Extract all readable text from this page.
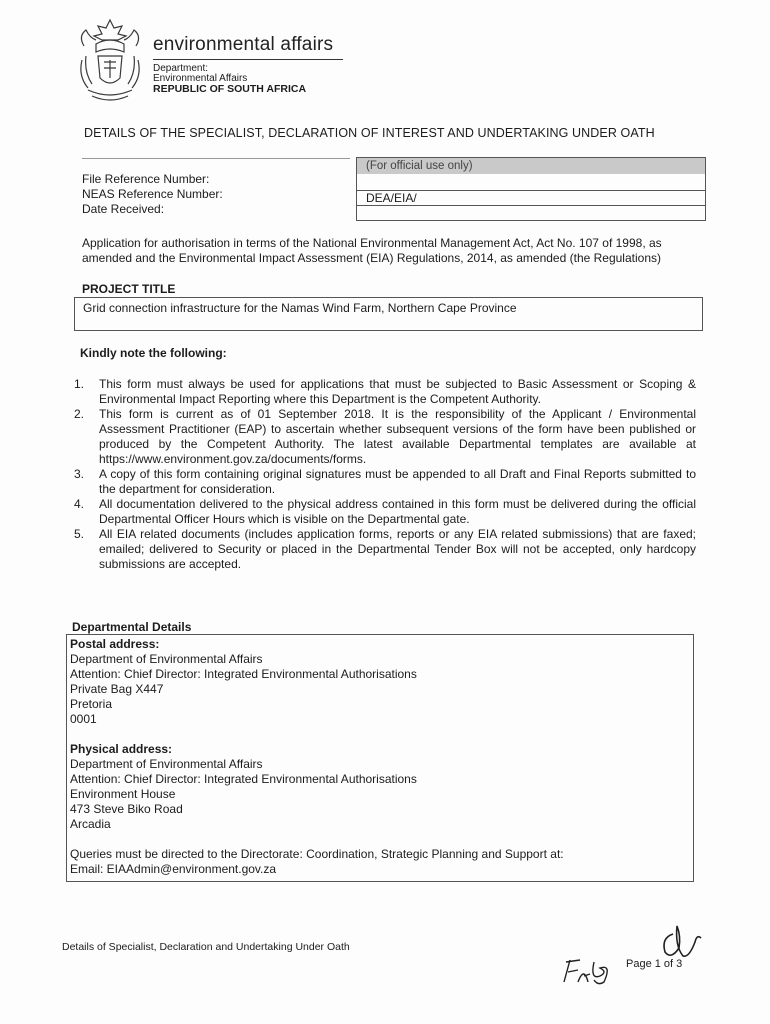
environmental affairs
Department:
Environmental Affairs
REPUBLIC OF SOUTH AFRICA
DETAILS OF THE SPECIALIST, DECLARATION OF INTEREST AND UNDERTAKING UNDER OATH
File Reference Number:
NEAS Reference Number:
Date Received:
(For official use only)
DEA/EIA/
Application for authorisation in terms of the National Environmental Management Act, Act No. 107 of 1998, as amended and the Environmental Impact Assessment (EIA) Regulations, 2014, as amended (the Regulations)
PROJECT TITLE
Grid connection infrastructure for the Namas Wind Farm, Northern Cape Province
Kindly note the following:
1. This form must always be used for applications that must be subjected to Basic Assessment or Scoping & Environmental Impact Reporting where this Department is the Competent Authority.
2. This form is current as of 01 September 2018. It is the responsibility of the Applicant / Environmental Assessment Practitioner (EAP) to ascertain whether subsequent versions of the form have been published or produced by the Competent Authority. The latest available Departmental templates are available at https://www.environment.gov.za/documents/forms.
3. A copy of this form containing original signatures must be appended to all Draft and Final Reports submitted to the department for consideration.
4. All documentation delivered to the physical address contained in this form must be delivered during the official Departmental Officer Hours which is visible on the Departmental gate.
5. All EIA related documents (includes application forms, reports or any EIA related submissions) that are faxed; emailed; delivered to Security or placed in the Departmental Tender Box will not be accepted, only hardcopy submissions are accepted.
Departmental Details
Postal address:
Department of Environmental Affairs
Attention: Chief Director: Integrated Environmental Authorisations
Private Bag X447
Pretoria
0001
Physical address:
Department of Environmental Affairs
Attention: Chief Director: Integrated Environmental Authorisations
Environment House
473 Steve Biko Road
Arcadia
Queries must be directed to the Directorate: Coordination, Strategic Planning and Support at:
Email: EIAAdmin@environment.gov.za
Details of Specialist, Declaration and Undertaking Under Oath
Page 1 of 3
